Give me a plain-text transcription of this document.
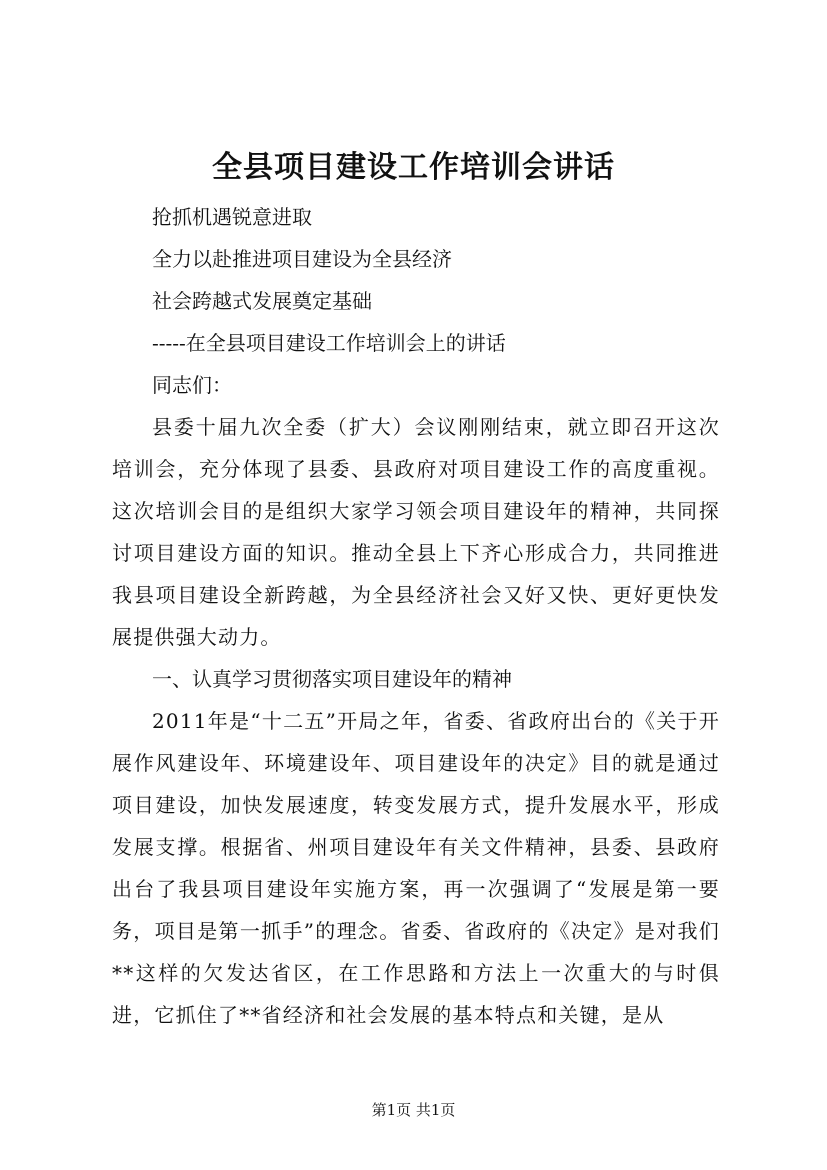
全县项目建设工作培训会讲话

抢抓机遇锐意进取

全力以赴推进项目建设为全县经济

社会跨越式发展奠定基础

-----在全县项目建设工作培训会上的讲话

同志们：

县委十届九次全委（扩大）会议刚刚结束，就立即召开这次培训会，充分体现了县委、县政府对项目建设工作的高度重视。这次培训会目的是组织大家学习领会项目建设年的精神，共同探讨项目建设方面的知识。推动全县上下齐心形成合力，共同推进我县项目建设全新跨越，为全县经济社会又好又快、更好更快发展提供强大动力。

一、认真学习贯彻落实项目建设年的精神

2011年是“十二五”开局之年，省委、省政府出台的《关于开展作风建设年、环境建设年、项目建设年的决定》目的就是通过项目建设，加快发展速度，转变发展方式，提升发展水平，形成发展支撑。根据省、州项目建设年有关文件精神，县委、县政府出台了我县项目建设年实施方案，再一次强调了“发展是第一要务，项目是第一抓手”的理念。省委、省政府的《决定》是对我们**这样的欠发达省区，在工作思路和方法上一次重大的与时俱进，它抓住了**省经济和社会发展的基本特点和关键，是从

第1页 共1页
